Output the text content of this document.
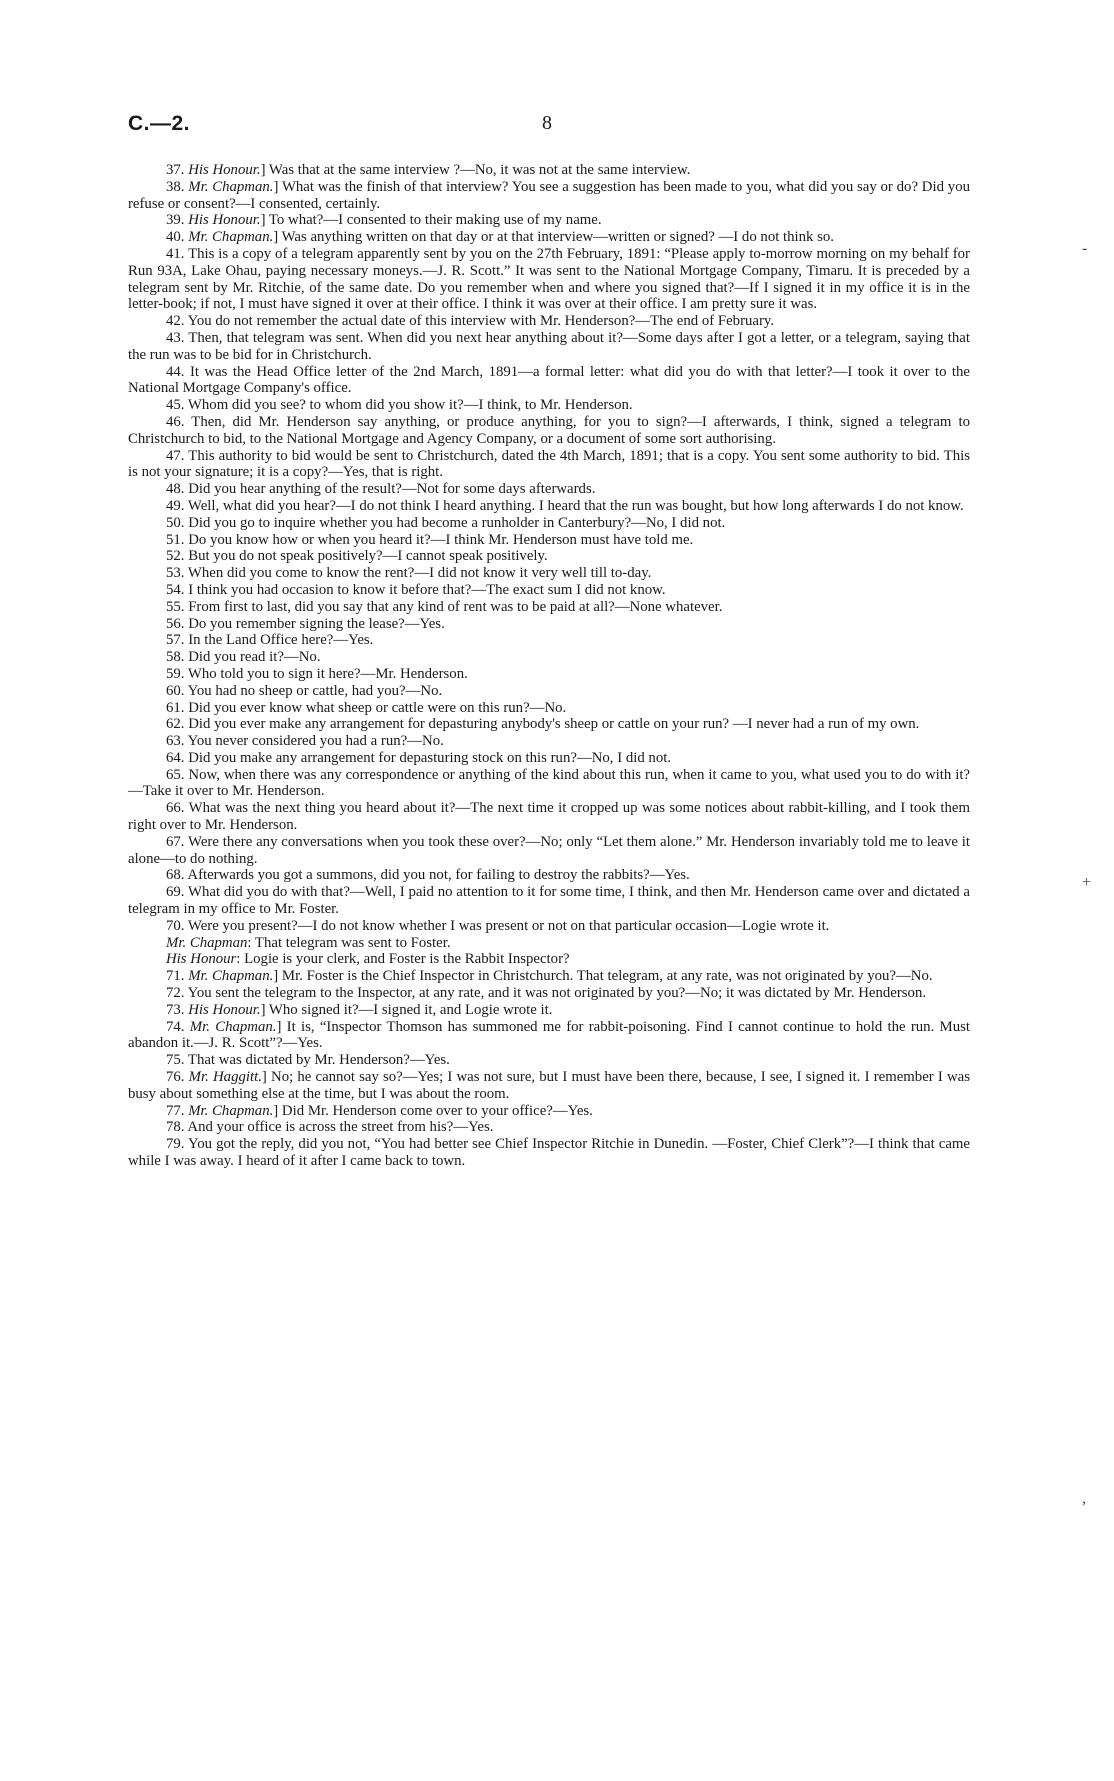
C.—2.	8

37. His Honour.] Was that at the same interview ?—No, it was not at the same interview.

38. Mr. Chapman.] What was the finish of that interview? You see a suggestion has been made to you, what did you say or do? Did you refuse or consent?—I consented, certainly.

39. His Honour.] To what?—I consented to their making use of my name.

40. Mr. Chapman.] Was anything written on that day or at that interview—written or signed? —I do not think so.

41. This is a copy of a telegram apparently sent by you on the 27th February, 1891: “Please apply to-morrow morning on my behalf for Run 93A, Lake Ohau, paying necessary moneys.—J. R. Scott.” It was sent to the National Mortgage Company, Timaru. It is preceded by a telegram sent by Mr. Ritchie, of the same date. Do you remember when and where you signed that?—If I signed it in my office it is in the letter-book; if not, I must have signed it over at their office. I think it was over at their office. I am pretty sure it was.

42. You do not remember the actual date of this interview with Mr. Henderson?—The end of February.

43. Then, that telegram was sent. When did you next hear anything about it?—Some days after I got a letter, or a telegram, saying that the run was to be bid for in Christchurch.

44. It was the Head Office letter of the 2nd March, 1891—a formal letter: what did you do with that letter?—I took it over to the National Mortgage Company's office.

45. Whom did you see? to whom did you show it?—I think, to Mr. Henderson.

46. Then, did Mr. Henderson say anything, or produce anything, for you to sign?—I afterwards, I think, signed a telegram to Christchurch to bid, to the National Mortgage and Agency Company, or a document of some sort authorising.

47. This authority to bid would be sent to Christchurch, dated the 4th March, 1891; that is a copy. You sent some authority to bid. This is not your signature; it is a copy?—Yes, that is right.

48. Did you hear anything of the result?—Not for some days afterwards.

49. Well, what did you hear?—I do not think I heard anything. I heard that the run was bought, but how long afterwards I do not know.

50. Did you go to inquire whether you had become a runholder in Canterbury?—No, I did not.

51. Do you know how or when you heard it?—I think Mr. Henderson must have told me.

52. But you do not speak positively?—I cannot speak positively.

53. When did you come to know the rent?—I did not know it very well till to-day.

54. I think you had occasion to know it before that?—The exact sum I did not know.

55. From first to last, did you say that any kind of rent was to be paid at all?—None whatever.

56. Do you remember signing the lease?—Yes.

57. In the Land Office here?—Yes.

58. Did you read it?—No.

59. Who told you to sign it here?—Mr. Henderson.

60. You had no sheep or cattle, had you?—No.

61. Did you ever know what sheep or cattle were on this run?—No.

62. Did you ever make any arrangement for depasturing anybody's sheep or cattle on your run? —I never had a run of my own.

63. You never considered you had a run?—No.

64. Did you make any arrangement for depasturing stock on this run?—No, I did not.

65. Now, when there was any correspondence or anything of the kind about this run, when it came to you, what used you to do with it?—Take it over to Mr. Henderson.

66. What was the next thing you heard about it?—The next time it cropped up was some notices about rabbit-killing, and I took them right over to Mr. Henderson.

67. Were there any conversations when you took these over?—No; only “Let them alone.” Mr. Henderson invariably told me to leave it alone—to do nothing.

68. Afterwards you got a summons, did you not, for failing to destroy the rabbits?—Yes.

69. What did you do with that?—Well, I paid no attention to it for some time, I think, and then Mr. Henderson came over and dictated a telegram in my office to Mr. Foster.

70. Were you present?—I do not know whether I was present or not on that particular occasion—Logie wrote it.

Mr. Chapman: That telegram was sent to Foster.

His Honour: Logie is your clerk, and Foster is the Rabbit Inspector?

71. Mr. Chapman.] Mr. Foster is the Chief Inspector in Christchurch. That telegram, at any rate, was not originated by you?—No.

72. You sent the telegram to the Inspector, at any rate, and it was not originated by you?—No; it was dictated by Mr. Henderson.

73. His Honour.] Who signed it?—I signed it, and Logie wrote it.

74. Mr. Chapman.] It is, “Inspector Thomson has summoned me for rabbit-poisoning. Find I cannot continue to hold the run. Must abandon it.—J. R. Scott”?—Yes.

75. That was dictated by Mr. Henderson?—Yes.

76. Mr. Haggitt.] No; he cannot say so?—Yes; I was not sure, but I must have been there, because, I see, I signed it. I remember I was busy about something else at the time, but I was about the room.

77. Mr. Chapman.] Did Mr. Henderson come over to your office?—Yes.

78. And your office is across the street from his?—Yes.

79. You got the reply, did you not, “You had better see Chief Inspector Ritchie in Dunedin. —Foster, Chief Clerk”?—I think that came while I was away. I heard of it after I came back to town.

‑
+
,
